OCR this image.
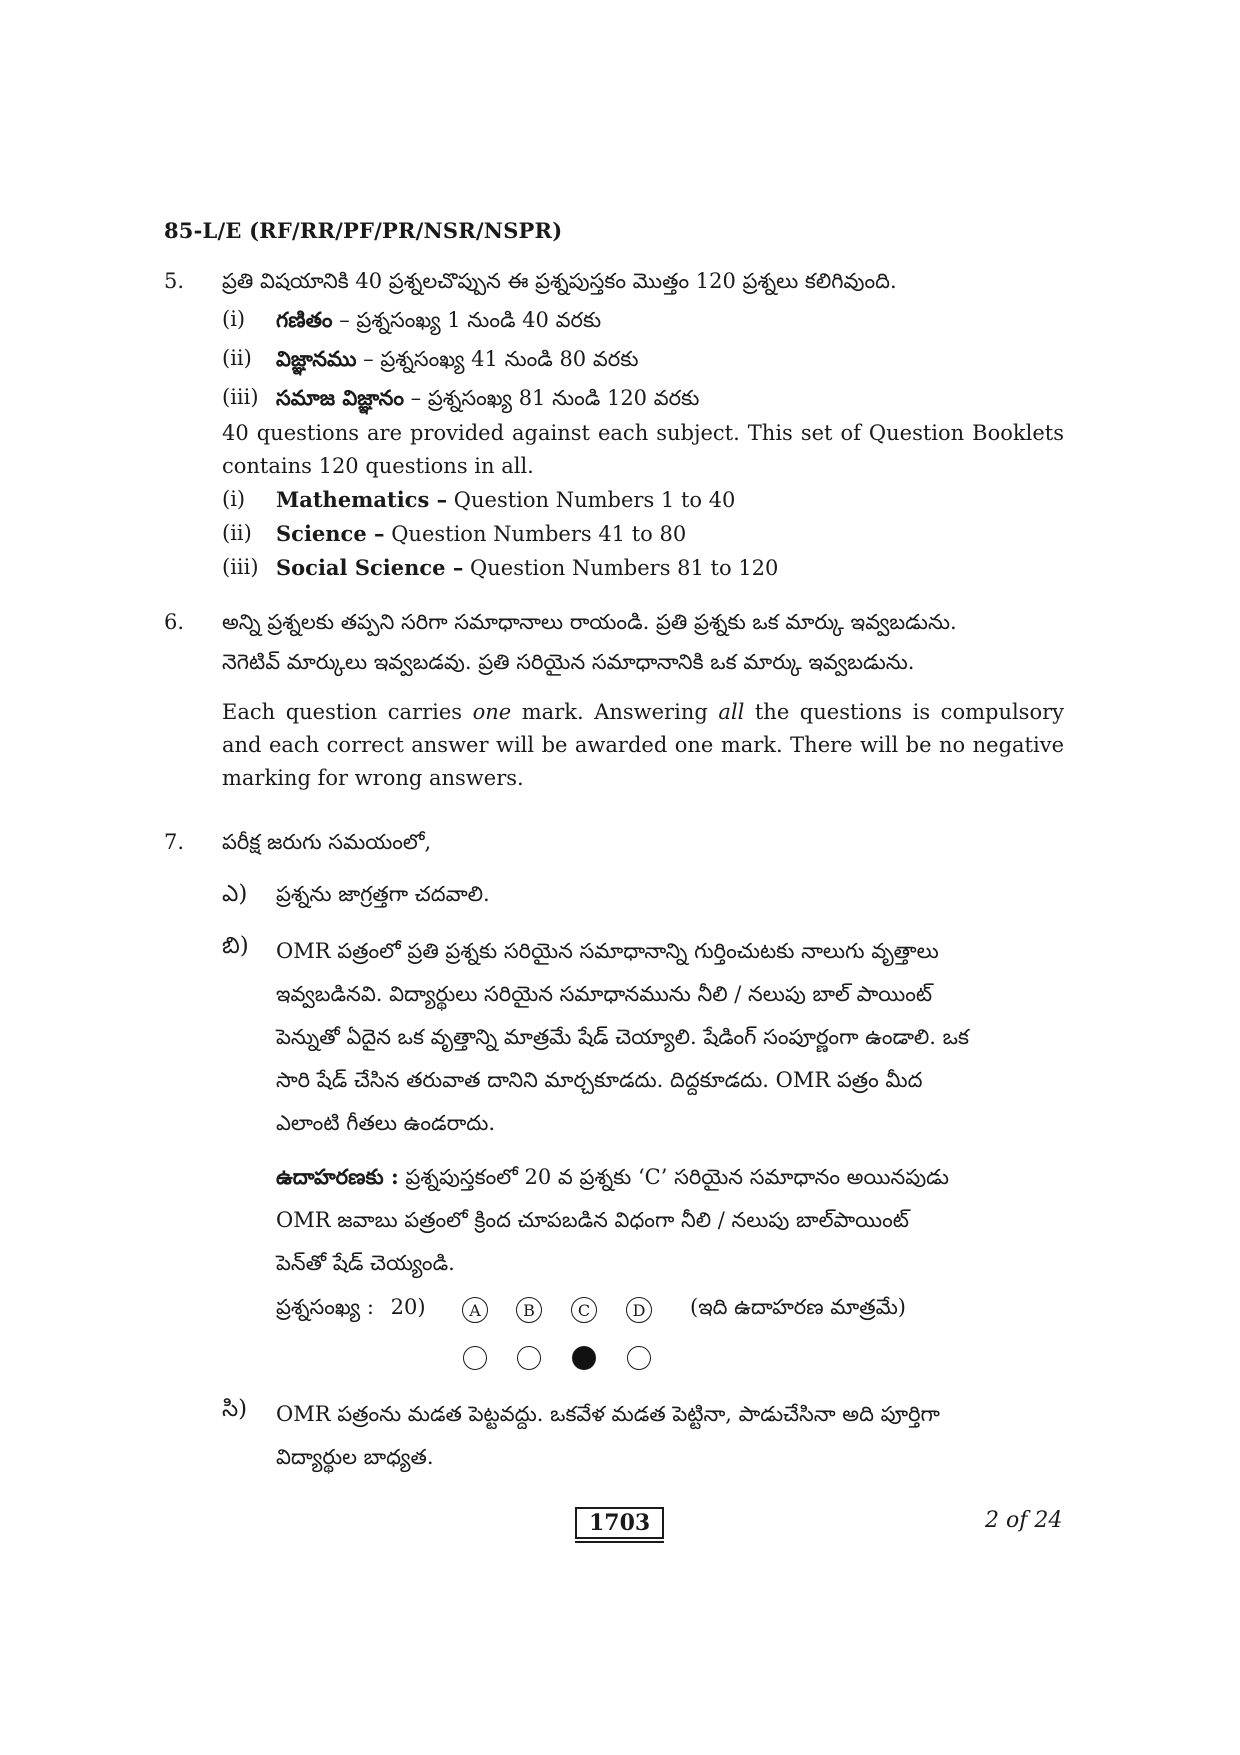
85-L/E (RF/RR/PF/PR/NSR/NSPR)
5. ప్రతి విషయానికి 40 ప్రశ్నలచొప్పున ఈ ప్రశ్నపుస్తకం మొత్తం 120 ప్రశ్నలు కలిగివుంది.
(i) గణితం – ప్రశ్నసంఖ్య 1 నుండి 40 వరకు
(ii) విజ్ఞానము – ప్రశ్నసంఖ్య 41 నుండి 80 వరకు
(iii) సమాజ విజ్ఞానం – ప్రశ్నసంఖ్య 81 నుండి 120 వరకు
40 questions are provided against each subject. This set of Question Booklets contains 120 questions in all.
(i) Mathematics – Question Numbers 1 to 40
(ii) Science – Question Numbers 41 to 80
(iii) Social Science – Question Numbers 81 to 120
6. అన్ని ప్రశ్నలకు తప్పని సరిగా సమాధానాలు రాయండి. ప్రతి ప్రశ్నకు ఒక మార్కు ఇవ్వబడును.
నెగెటివ్ మార్కులు ఇవ్వబడవు. ప్రతి సరియైన సమాధానానికి ఒక మార్కు ఇవ్వబడును.
Each question carries one mark. Answering all the questions is compulsory and each correct answer will be awarded one mark. There will be no negative marking for wrong answers.
7. పరీక్ష జరుగు సమయంలో,
ఎ) ప్రశ్నను జాగ్రత్తగా చదవాలి.
బి) OMR పత్రంలో ప్రతి ప్రశ్నకు సరియైన సమాధానాన్ని గుర్తించుటకు నాలుగు వృత్తాలు
ఇవ్వబడినవి. విద్యార్థులు సరియైన సమాధానమును నీలి / నలుపు బాల్ పాయింట్
పెన్నుతో ఏదైన ఒక వృత్తాన్ని మాత్రమే షేడ్ చెయ్యాలి. షేడింగ్ సంపూర్ణంగా ఉండాలి. ఒక
సారి షేడ్ చేసిన తరువాత దానిని మార్చకూడదు. దిద్దకూడదు. OMR పత్రం మీద
ఎలాంటి గీతలు ఉండరాదు.
ఉదాహరణకు : ప్రశ్నపుస్తకంలో 20 వ ప్రశ్నకు ‘C’ సరియైన సమాధానం అయినపుడు
OMR జవాబు పత్రంలో క్రింద చూపబడిన విధంగా నీలి / నలుపు బాల్‌పాయింట్
పెన్‌తో షేడ్ చెయ్యండి.
ప్రశ్నసంఖ్య : 20)	A	B	C	D	(ఇది ఉదాహరణ మాత్రమే)
సి) OMR పత్రంను మడత పెట్టవద్దు. ఒకవేళ మడత పెట్టినా, పాడుచేసినా అది పూర్తిగా
విద్యార్థుల బాధ్యత.
1703	2 of 24
